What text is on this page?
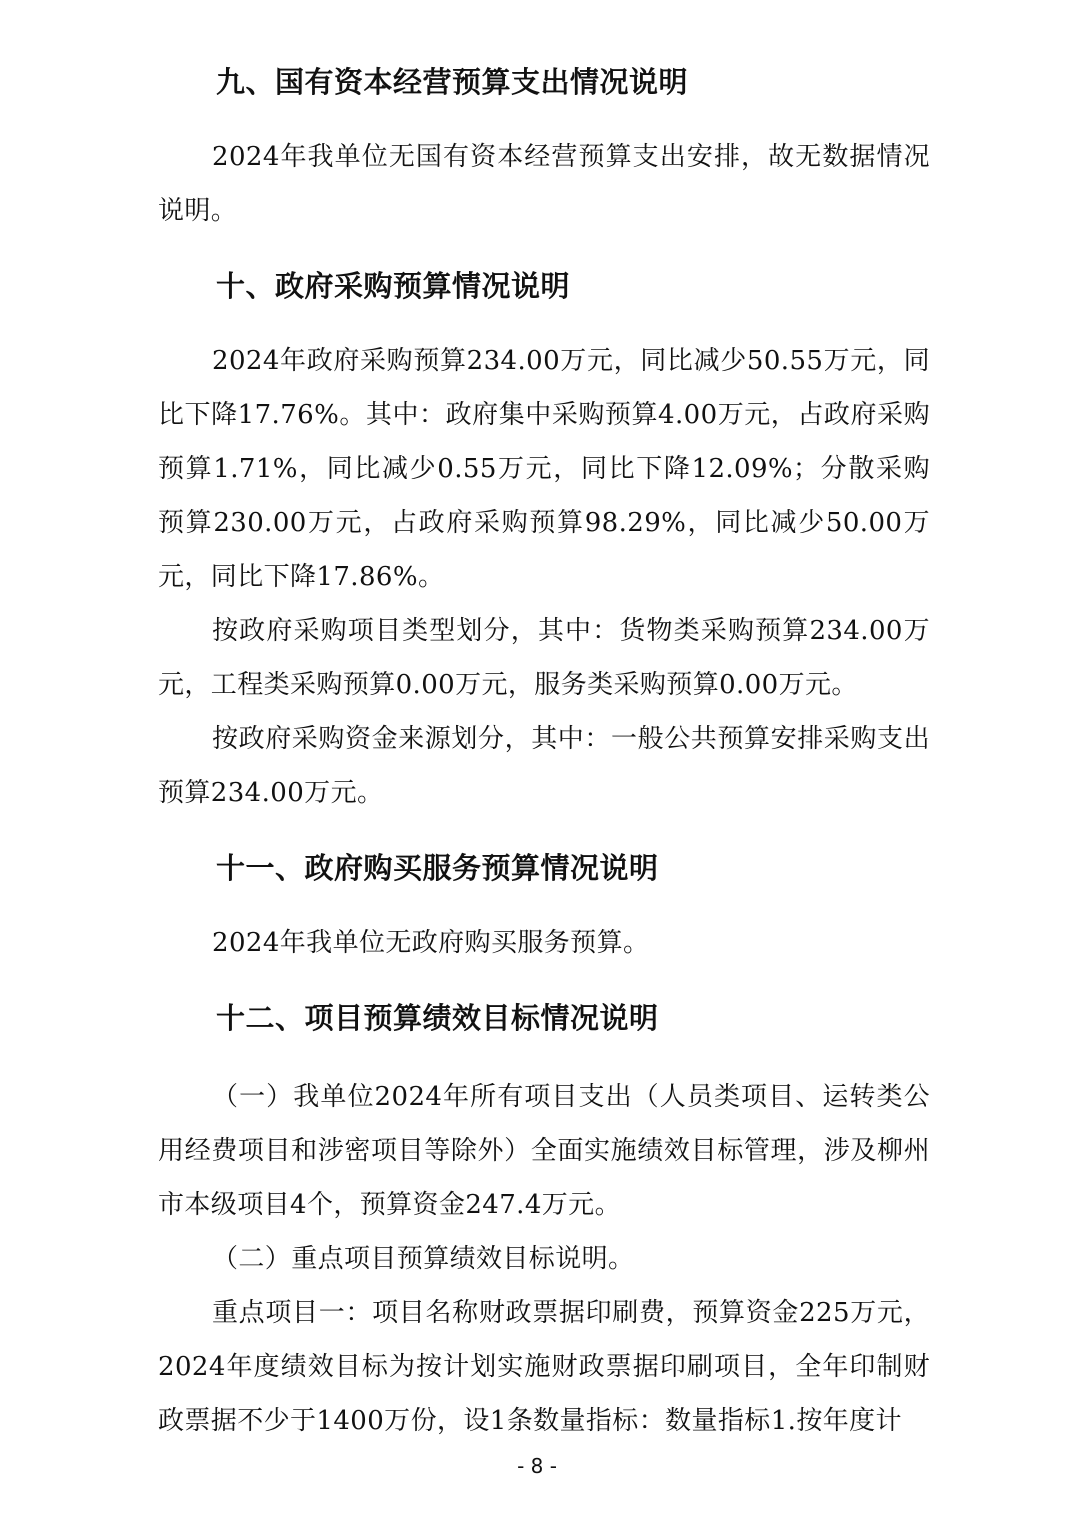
九、国有资本经营预算支出情况说明

2024年我单位无国有资本经营预算支出安排，故无数据情况说明。

十、政府采购预算情况说明

2024年政府采购预算234.00万元，同比减少50.55万元，同比下降17.76%。其中：政府集中采购预算4.00万元，占政府采购预算1.71%，同比减少0.55万元，同比下降12.09%；分散采购预算230.00万元，占政府采购预算98.29%，同比减少50.00万元，同比下降17.86%。

按政府采购项目类型划分，其中：货物类采购预算234.00万元，工程类采购预算0.00万元，服务类采购预算0.00万元。

按政府采购资金来源划分，其中：一般公共预算安排采购支出预算234.00万元。

十一、政府购买服务预算情况说明

2024年我单位无政府购买服务预算。

十二、项目预算绩效目标情况说明

（一）我单位2024年所有项目支出（人员类项目、运转类公用经费项目和涉密项目等除外）全面实施绩效目标管理，涉及柳州市本级项目4个，预算资金247.4万元。

（二）重点项目预算绩效目标说明。

重点项目一：项目名称财政票据印刷费，预算资金225万元，2024年度绩效目标为按计划实施财政票据印刷项目，全年印制财政票据不少于1400万份，设1条数量指标：数量指标1.按年度计

- 8 -
